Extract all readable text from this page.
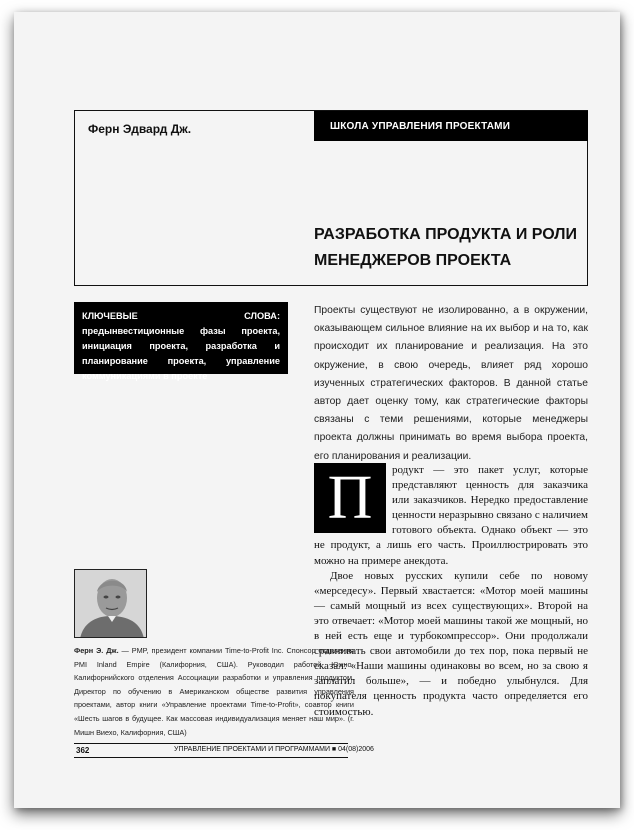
Ферн Эдвард Дж.	ШКОЛА УПРАВЛЕНИЯ ПРОЕКТАМИ
РАЗРАБОТКА ПРОДУКТА И РОЛИ
МЕНЕДЖЕРОВ ПРОЕКТА
КЛЮЧЕВЫЕ СЛОВА: предынвестиционные фазы проекта, инициация проекта, разработка и планирование проекта, управление коммуникациями в проекте
Проекты существуют не изолированно, а в окружении, оказывающем сильное влияние на их выбор и на то, как происходит их планирование и реализация. На это окружение, в свою очередь, влияет ряд хорошо изученных стратегических факторов. В данной статье автор дает оценку тому, как стратегические факторы связаны с теми решениями, которые менеджеры проекта должны принимать во время выбора проекта, его планирования и реализации.
П	родукт — это пакет услуг, которые представляют ценность для заказчика или заказчиков. Нередко предоставление ценности неразрывно связано с наличием готового объекта. Однако объект — это не продукт, а лишь его часть. Проиллюстрировать это можно на примере анекдота.

Двое новых русских купили себе по новому «мерседесу». Первый хвастается: «Мотор моей машины — самый мощный из всех существующих». Второй на это отвечает: «Мотор моей машины такой же мощный, но в ней есть еще и турбокомпрессор». Они продолжали сравнивать свои автомобили до тех пор, пока первый не сказал: «Наши машины одинаковы во всем, но за свою я заплатил больше», — и победно улыбнулся. Для покупателя ценность продукта часто определяется его стоимостью.

Ферн Э. Дж. — PMP, президент компании Time-to-Profit Inc. Спонсор отделения PMI Inland Empire (Калифорния, США). Руководил работой Южно-Калифорнийского отделения Ассоциации разработки и управления продуктом. Директор по обучению в Американском обществе развития управления проектами, автор книги «Управление проектами Time-to-Profit», соавтор книги «Шесть шагов в будущее. Как массовая индивидуализация меняет наш мир». (г. Мишн Виехо, Калифорния, США)
362	УПРАВЛЕНИЕ ПРОЕКТАМИ И ПРОГРАММАМИ ■ 04(08)2006
